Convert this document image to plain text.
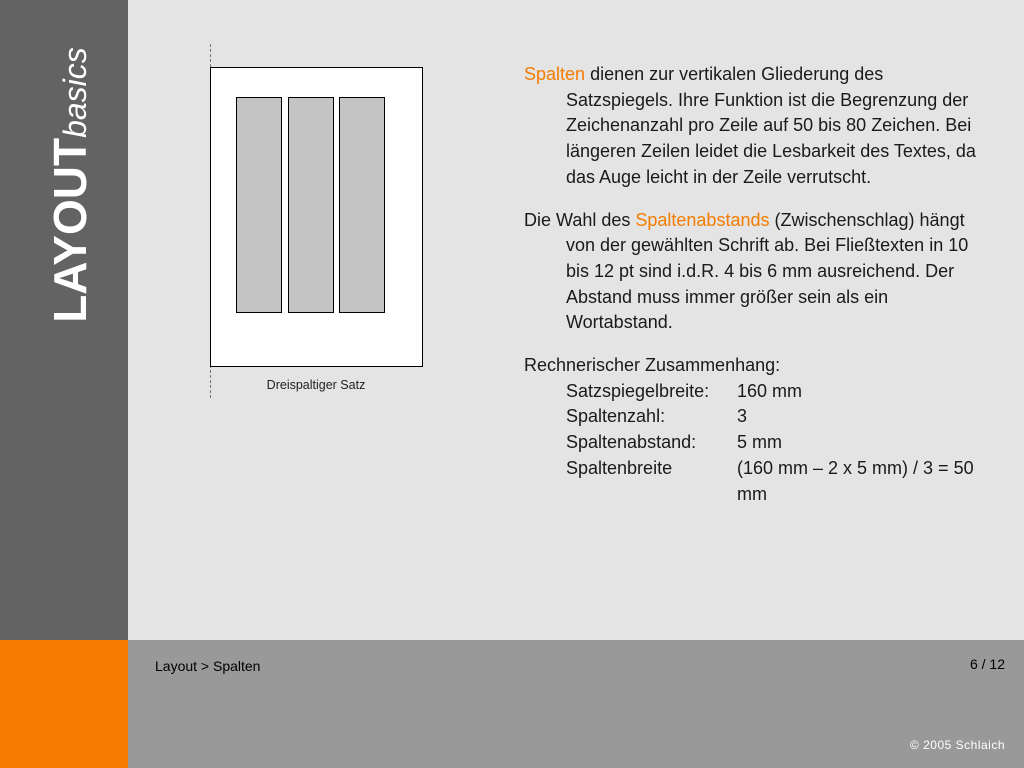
LAYOUTbasics
Dreispaltiger Satz

Spalten dienen zur vertikalen Gliederung des Satzspiegels. Ihre Funktion ist die Begrenzung der Zeichenanzahl pro Zeile auf 50 bis 80 Zeichen. Bei längeren Zeilen leidet die Lesbarkeit des Textes, da das Auge leicht in der Zeile verrutscht.

Die Wahl des Spaltenabstands (Zwischenschlag) hängt von der gewählten Schrift ab. Bei Fließtexten in 10 bis 12 pt sind i.d.R. 4 bis 6 mm ausreichend. Der Abstand muss immer größer sein als ein Wortabstand.

Rechnerischer Zusammenhang:
Satzspiegelbreite:	160 mm
Spaltenzahl:	3
Spaltenabstand:	5 mm
Spaltenbreite	(160 mm – 2 x 5 mm) / 3 = 50 mm
Layout > Spalten	6 / 12
© 2005 Schlaich
